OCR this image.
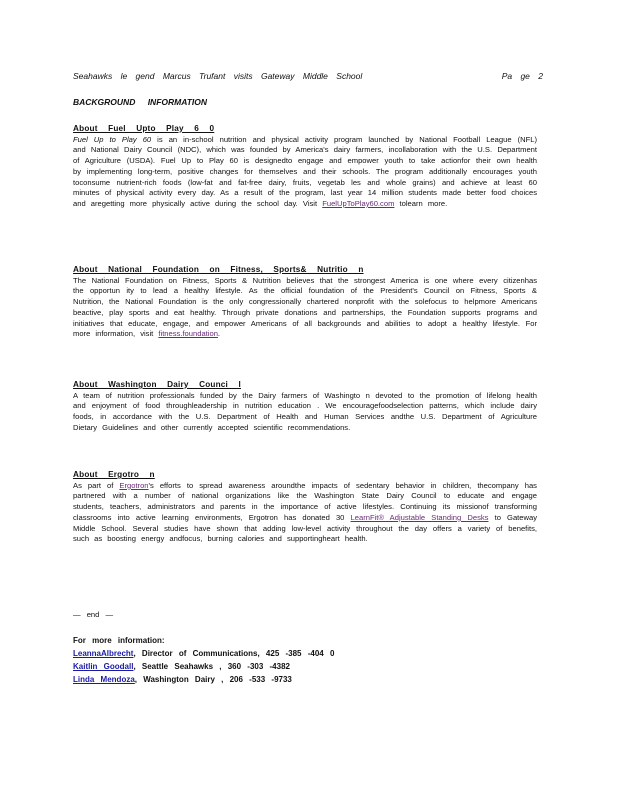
Seahawks le gend Marcus Trufant visits Gateway Middle School	Pa ge 2
BACKGROUND INFORMATION
About Fuel Upto Play 6 0

Fuel Up to Play 60 is an in-school nutrition and physical activity program launched by National Football League (NFL) and National Dairy Council (NDC), which was founded by America's dairy farmers, incollaboration with the U.S. Department of Agriculture (USDA). Fuel Up to Play 60 is designedto engage and empower youth to take actionfor their own health by implementing long-term, positive changes for themselves and their schools. The program additionally encourages youth toconsume nutrient-rich foods (low-fat and fat-free dairy, fruits, vegetab les and whole grains) and achieve at least 60 minutes of physical activity every day. As a result of the program, last year 14 million students made better food choices and aregetting more physically active during the school day. Visit FuelUpToPlay60.com tolearn more.

About National Foundation on Fitness, Sports& Nutritio n

The National Foundation on Fitness, Sports & Nutrition believes that the strongest America is one where every citizenhas the opportun ity to lead a healthy lifestyle. As the official foundation of the President's Council on Fitness, Sports & Nutrition, the National Foundation is the only congressionally chartered nonprofit with the solefocus to helpmore Americans beactive, play sports and eat healthy. Through private donations and partnerships, the Foundation supports programs and initiatives that educate, engage, and empower Americans of all backgrounds and abilities to adopt a healthy lifestyle. For more information, visit fitness.foundation.

About Washington Dairy Counci l

A team of nutrition professionals funded by the Dairy farmers of Washingto n devoted to the promotion of lifelong health and enjoyment of food throughleadership in nutrition education . We encouragefoodselection patterns, which include dairy foods, in accordance with the U.S. Department of Health and Human Services andthe U.S. Department of Agriculture Dietary Guidelines and other currently accepted scientific recommendations.

About Ergotro n

As part of Ergotron's efforts to spread awareness aroundthe impacts of sedentary behavior in children, thecompany has partnered with a number of national organizations like the Washington State Dairy Council to educate and engage students, teachers, administrators and parents in the importance of active lifestyles. Continuing its missionof transforming classrooms into active learning environments, Ergotron has donated 30 LearnFit® Adjustable Standing Desks to Gateway Middle School. Several studies have shown that adding low-level activity throughout the day offers a variety of benefits, such as boosting energy andfocus, burning calories and supportingheart health.

— end —
For more information:
LeannaAlbrecht, Director of Communications, 425 -385 -404 0
Kaitlin Goodall, Seattle Seahawks , 360 -303 -4382
Linda Mendoza, Washington Dairy , 206 -533 -9733
